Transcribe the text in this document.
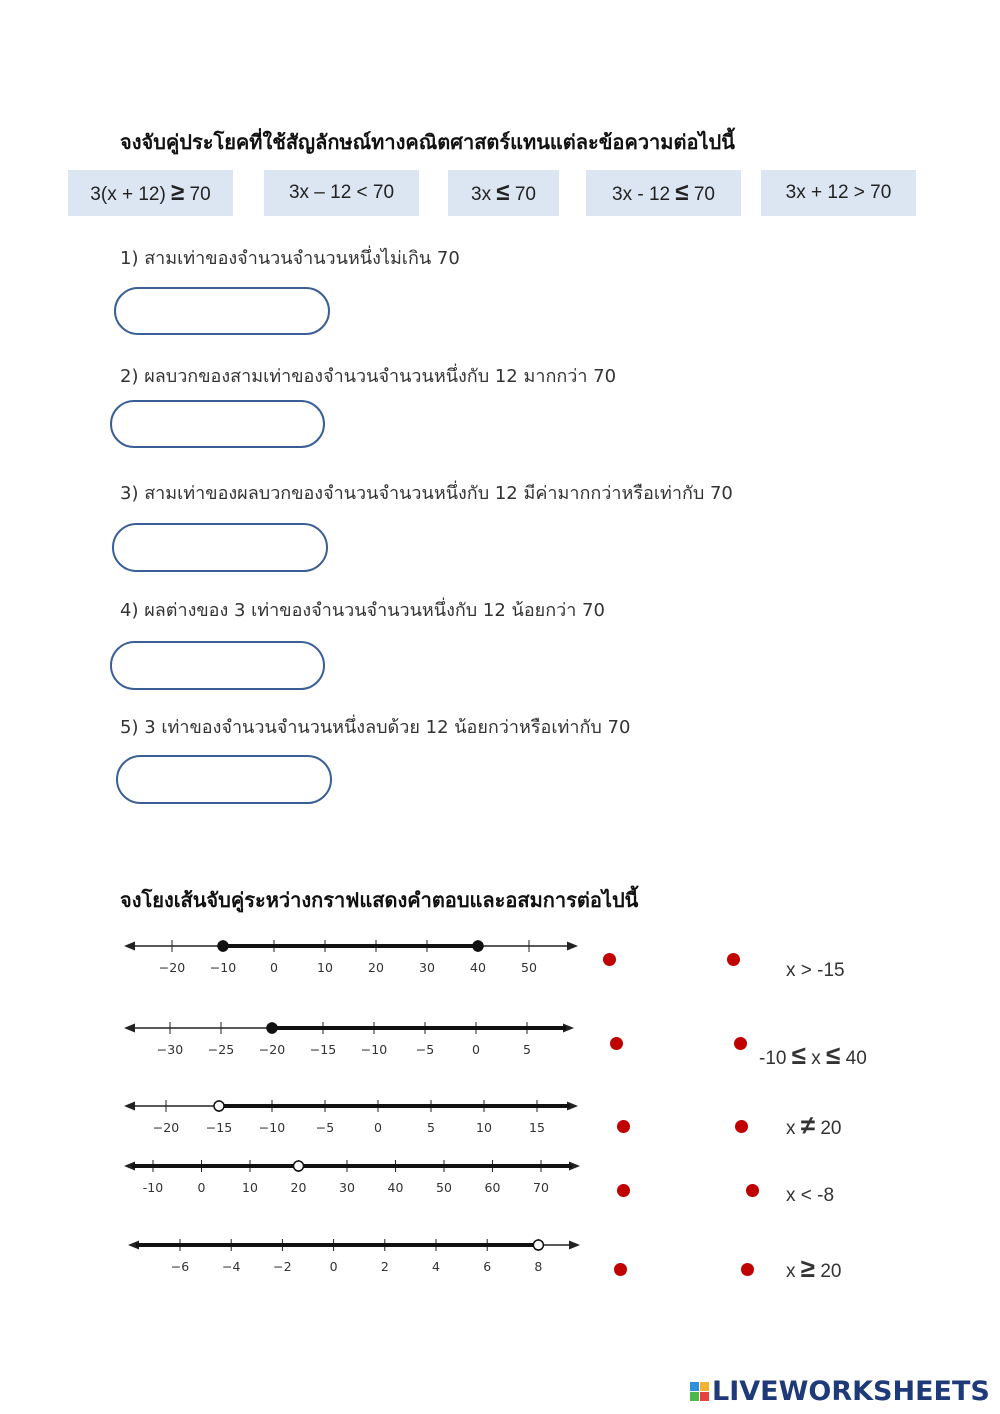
จงจับคู่ประโยคที่ใช้สัญลักษณ์ทางคณิตศาสตร์แทนแต่ละข้อความต่อไปนี้
3(x + 12) ≥ 70	3x – 12 < 70	3x ≤ 70	3x - 12 ≤ 70	3x + 12 > 70
1) สามเท่าของจำนวนจำนวนหนึ่งไม่เกิน 70
2) ผลบวกของสามเท่าของจำนวนจำนวนหนึ่งกับ 12 มากกว่า 70
3) สามเท่าของผลบวกของจำนวนจำนวนหนึ่งกับ 12 มีค่ามากกว่าหรือเท่ากับ 70
4) ผลต่างของ 3 เท่าของจำนวนจำนวนหนึ่งกับ 12 น้อยกว่า 70
5) 3 เท่าของจำนวนจำนวนหนึ่งลบด้วย 12 น้อยกว่าหรือเท่ากับ 70
จงโยงเส้นจับคู่ระหว่างกราฟแสดงคำตอบและอสมการต่อไปนี้
−20 −10	0	10	20	30	40	50
−30 −25 −20 −15 −10 −5	0	5
−20 −15 −10 −5	0	5	10	15
-10	0	10	20	30	40	50	60	70
−6	−4	−2	0	2	4	6	8
x > -15
-10 ≤ x ≤ 40
x ≠ 20
x < -8
x ≥ 20
LIVEWORKSHEETS
